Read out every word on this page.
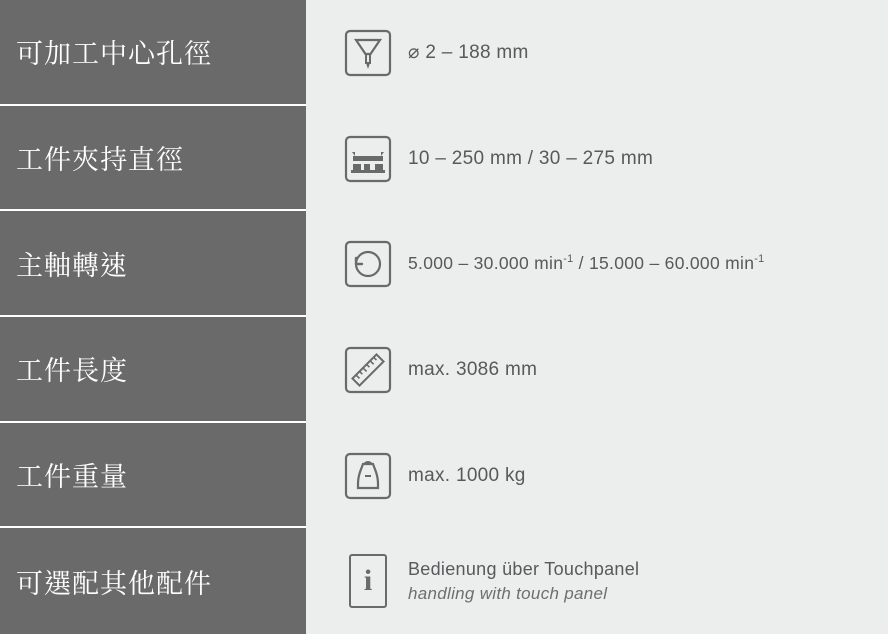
可加工中心孔徑	⌀ 2 – 188 mm
工件夾持直徑	10 – 250 mm / 30 – 275 mm
主軸轉速	5.000 – 30.000 $\min^{-1} / 15.000 - 60.000$ $\min^{-1}$
工件長度	max. 3086 mm
工件重量	max. 1000 kg
可選配其他配件	i	Bedienung über Touchpanel
handling with touch panel
